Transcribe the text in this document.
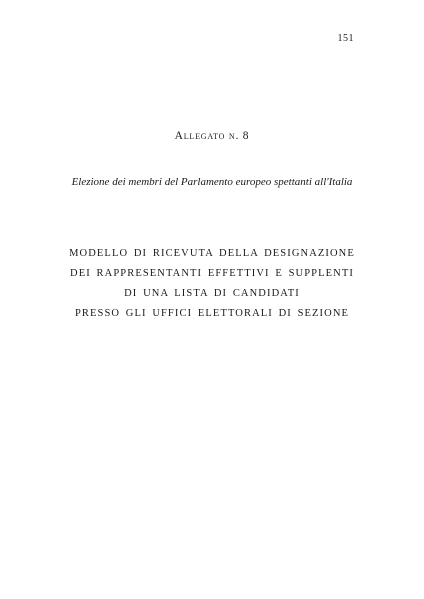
151
Allegato n. 8
Elezione dei membri del Parlamento europeo spettanti all'Italia
MODELLO DI RICEVUTA DELLA DESIGNAZIONE
DEI RAPPRESENTANTI EFFETTIVI E SUPPLENTI
DI UNA LISTA DI CANDIDATI
PRESSO GLI UFFICI ELETTORALI DI SEZIONE
